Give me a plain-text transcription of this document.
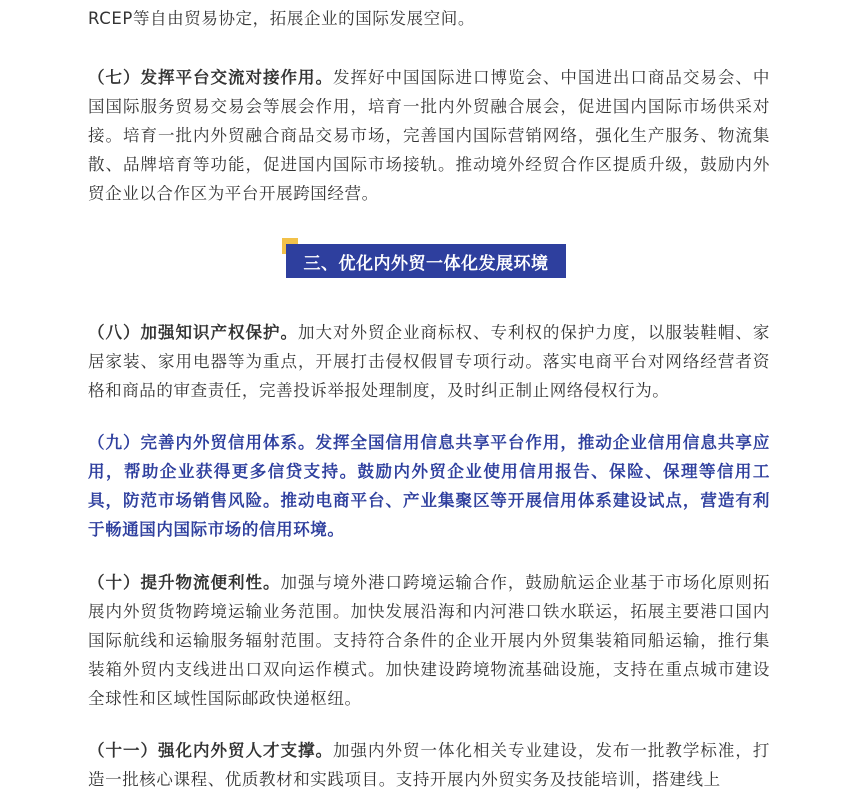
RCEP等自由贸易协定，拓展企业的国际发展空间。

（七）发挥平台交流对接作用。发挥好中国国际进口博览会、中国进出口商品交易会、中国国际服务贸易交易会等展会作用，培育一批内外贸融合展会，促进国内国际市场供采对接。培育一批内外贸融合商品交易市场，完善国内国际营销网络，强化生产服务、物流集散、品牌培育等功能，促进国内国际市场接轨。推动境外经贸合作区提质升级，鼓励内外贸企业以合作区为平台开展跨国经营。

三、优化内外贸一体化发展环境

（八）加强知识产权保护。加大对外贸企业商标权、专利权的保护力度，以服装鞋帽、家居家装、家用电器等为重点，开展打击侵权假冒专项行动。落实电商平台对网络经营者资格和商品的审查责任，完善投诉举报处理制度，及时纠正制止网络侵权行为。

（九）完善内外贸信用体系。发挥全国信用信息共享平台作用，推动企业信用信息共享应用，帮助企业获得更多信贷支持。鼓励内外贸企业使用信用报告、保险、保理等信用工具，防范市场销售风险。推动电商平台、产业集聚区等开展信用体系建设试点，营造有利于畅通国内国际市场的信用环境。

（十）提升物流便利性。加强与境外港口跨境运输合作，鼓励航运企业基于市场化原则拓展内外贸货物跨境运输业务范围。加快发展沿海和内河港口铁水联运，拓展主要港口国内国际航线和运输服务辐射范围。支持符合条件的企业开展内外贸集装箱同船运输，推行集装箱外贸内支线进出口双向运作模式。加快建设跨境物流基础设施，支持在重点城市建设全球性和区域性国际邮政快递枢纽。

（十一）强化内外贸人才支撑。加强内外贸一体化相关专业建设，发布一批教学标准，打造一批核心课程、优质教材和实践项目。支持开展内外贸实务及技能培训，搭建线上
